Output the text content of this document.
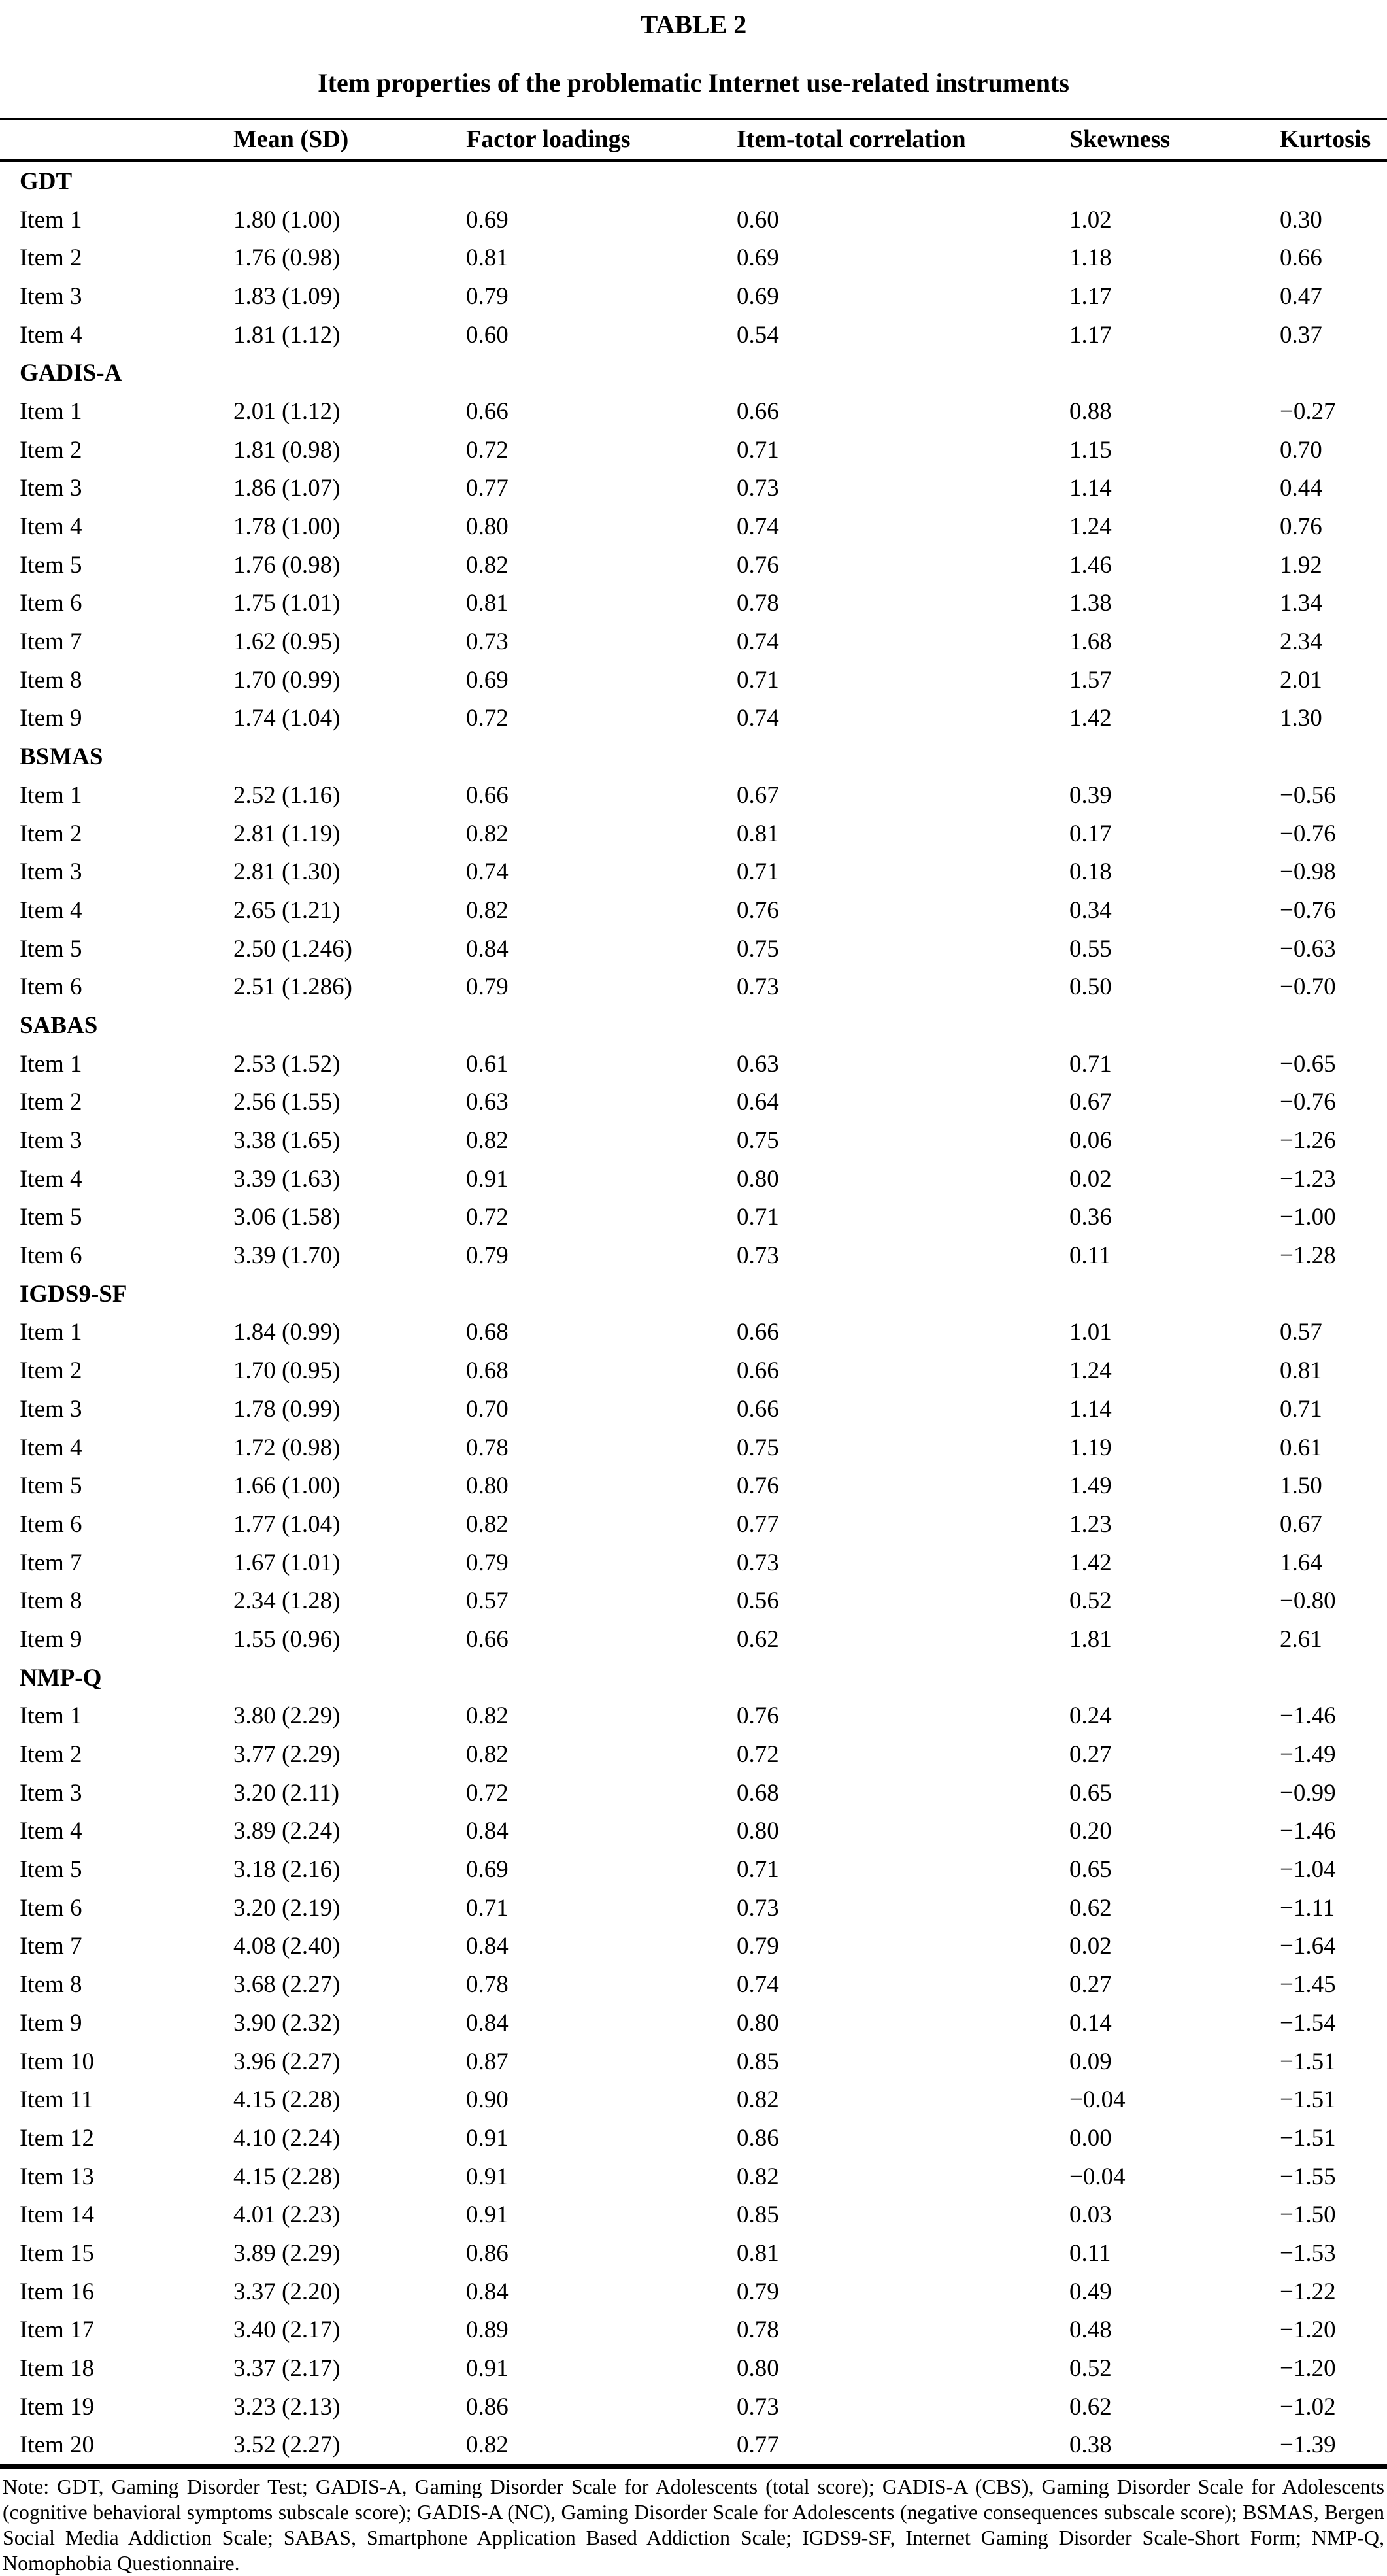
TABLE 2
Item properties of the problematic Internet use-related instruments
	Mean (SD)	Factor loadings	Item-total correlation	Skewness	Kurtosis
GDT					
Item 1	1.80 (1.00)	0.69	0.60	1.02	0.30
Item 2	1.76 (0.98)	0.81	0.69	1.18	0.66
Item 3	1.83 (1.09)	0.79	0.69	1.17	0.47
Item 4	1.81 (1.12)	0.60	0.54	1.17	0.37
GADIS-A					
Item 1	2.01 (1.12)	0.66	0.66	0.88	−0.27
Item 2	1.81 (0.98)	0.72	0.71	1.15	0.70
Item 3	1.86 (1.07)	0.77	0.73	1.14	0.44
Item 4	1.78 (1.00)	0.80	0.74	1.24	0.76
Item 5	1.76 (0.98)	0.82	0.76	1.46	1.92
Item 6	1.75 (1.01)	0.81	0.78	1.38	1.34
Item 7	1.62 (0.95)	0.73	0.74	1.68	2.34
Item 8	1.70 (0.99)	0.69	0.71	1.57	2.01
Item 9	1.74 (1.04)	0.72	0.74	1.42	1.30
BSMAS					
Item 1	2.52 (1.16)	0.66	0.67	0.39	−0.56
Item 2	2.81 (1.19)	0.82	0.81	0.17	−0.76
Item 3	2.81 (1.30)	0.74	0.71	0.18	−0.98
Item 4	2.65 (1.21)	0.82	0.76	0.34	−0.76
Item 5	2.50 (1.246)	0.84	0.75	0.55	−0.63
Item 6	2.51 (1.286)	0.79	0.73	0.50	−0.70
SABAS					
Item 1	2.53 (1.52)	0.61	0.63	0.71	−0.65
Item 2	2.56 (1.55)	0.63	0.64	0.67	−0.76
Item 3	3.38 (1.65)	0.82	0.75	0.06	−1.26
Item 4	3.39 (1.63)	0.91	0.80	0.02	−1.23
Item 5	3.06 (1.58)	0.72	0.71	0.36	−1.00
Item 6	3.39 (1.70)	0.79	0.73	0.11	−1.28
IGDS9-SF					
Item 1	1.84 (0.99)	0.68	0.66	1.01	0.57
Item 2	1.70 (0.95)	0.68	0.66	1.24	0.81
Item 3	1.78 (0.99)	0.70	0.66	1.14	0.71
Item 4	1.72 (0.98)	0.78	0.75	1.19	0.61
Item 5	1.66 (1.00)	0.80	0.76	1.49	1.50
Item 6	1.77 (1.04)	0.82	0.77	1.23	0.67
Item 7	1.67 (1.01)	0.79	0.73	1.42	1.64
Item 8	2.34 (1.28)	0.57	0.56	0.52	−0.80
Item 9	1.55 (0.96)	0.66	0.62	1.81	2.61
NMP-Q					
Item 1	3.80 (2.29)	0.82	0.76	0.24	−1.46
Item 2	3.77 (2.29)	0.82	0.72	0.27	−1.49
Item 3	3.20 (2.11)	0.72	0.68	0.65	−0.99
Item 4	3.89 (2.24)	0.84	0.80	0.20	−1.46
Item 5	3.18 (2.16)	0.69	0.71	0.65	−1.04
Item 6	3.20 (2.19)	0.71	0.73	0.62	−1.11
Item 7	4.08 (2.40)	0.84	0.79	0.02	−1.64
Item 8	3.68 (2.27)	0.78	0.74	0.27	−1.45
Item 9	3.90 (2.32)	0.84	0.80	0.14	−1.54
Item 10	3.96 (2.27)	0.87	0.85	0.09	−1.51
Item 11	4.15 (2.28)	0.90	0.82	−0.04	−1.51
Item 12	4.10 (2.24)	0.91	0.86	0.00	−1.51
Item 13	4.15 (2.28)	0.91	0.82	−0.04	−1.55
Item 14	4.01 (2.23)	0.91	0.85	0.03	−1.50
Item 15	3.89 (2.29)	0.86	0.81	0.11	−1.53
Item 16	3.37 (2.20)	0.84	0.79	0.49	−1.22
Item 17	3.40 (2.17)	0.89	0.78	0.48	−1.20
Item 18	3.37 (2.17)	0.91	0.80	0.52	−1.20
Item 19	3.23 (2.13)	0.86	0.73	0.62	−1.02
Item 20	3.52 (2.27)	0.82	0.77	0.38	−1.39

Note: GDT, Gaming Disorder Test; GADIS-A, Gaming Disorder Scale for Adolescents (total score); GADIS-A (CBS), Gaming Disorder Scale for Adolescents (cognitive behavioral symptoms subscale score); GADIS-A (NC), Gaming Disorder Scale for Adolescents (negative consequences subscale score); BSMAS, Bergen Social Media Addiction Scale; SABAS, Smartphone Application Based Addiction Scale; IGDS9-SF, Internet Gaming Disorder Scale-Short Form; NMP-Q, Nomophobia Questionnaire.
